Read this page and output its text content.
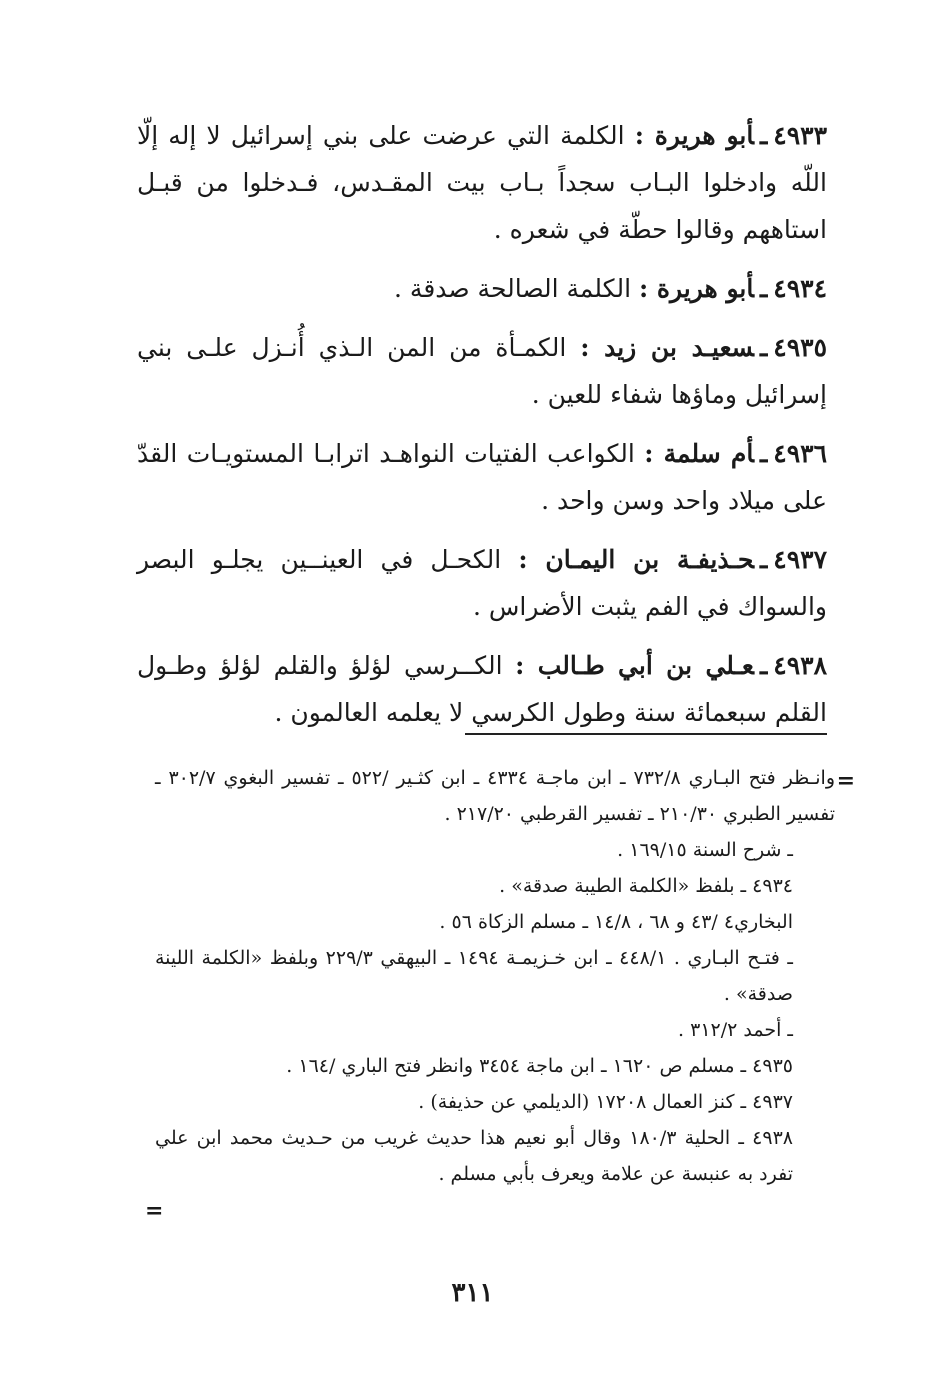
٤٩٣٣ـأبو هريرة : الكلمة التي عرضت على بني إسرائيل لا إله إلّا اللّه وادخلوا البـاب سجداً بـاب بيت المقـدس، فـدخلوا من قبـل استاههم وقالوا حطّة في شعره .

٤٩٣٤ـأبو هريرة : الكلمة الصالحة صدقة .

٤٩٣٥ـسعيـد بن زيد : الكمـأة من المن الـذي أُنـزل علـى بني إسرائيل وماؤها شفاء للعين .

٤٩٣٦ـأم سلمة : الكواعب الفتيات النواهـد اترابـا المستويـات القدّ على ميلاد واحد وسن واحد .

٤٩٣٧ـحـذيفـة بن اليمـان : الكحـل في العينــين يجلـو البصر والسواك في الفم يثبت الأضراس .

٤٩٣٨ـعـلي بن أبي طـالب : الكــرسي لؤلؤ والقلم لؤلؤ وطـول القلم سبعمائة سنة وطول الكرسي لا يعلمه العالمون .

=

وانـظر فتح البـاري ٧٣٢/٨ ـ ابن ماجـة ٤٣٣٤ ـ ابن كثـير /٥٢٢ ـ تفسير البغوي ٣٠٢/٧ ـ تفسير الطبري ٢١٠/٣٠ ـ تفسير القرطبي ٢١٧/٢٠ .

ـ شرح السنة ١٦٩/١٥ .

٤٩٣٤ ـ بلفظ «الكلمة الطيبة صدقة» .

البخاري٤ /٤٣ و ٦٨ ، ١٤/٨ ـ مسلم الزكاة ٥٦ .

ـ فتـح البـاري . ٤٤٨/١ ـ ابن خـزيمـة ١٤٩٤ ـ البيهقي ٢٢٩/٣ وبلفظ «الكلمة اللينة صدقة» .

ـ أحمد ٣١٢/٢ .

٤٩٣٥ ـ مسلم ص ١٦٢٠ ـ ابن ماجة ٣٤٥٤ وانظر فتح الباري /١٦٤ .

٤٩٣٧ ـ كنز العمال ١٧٢٠٨ (الديلمي عن حذيفة) .

٤٩٣٨ ـ الحلية ١٨٠/٣ وقال أبو نعيم هذا حديث غريب من حـديث محمد ابن علي تفرد به عنبسة عن علامة ويعرف بأبي مسلم .

=
٣١١
